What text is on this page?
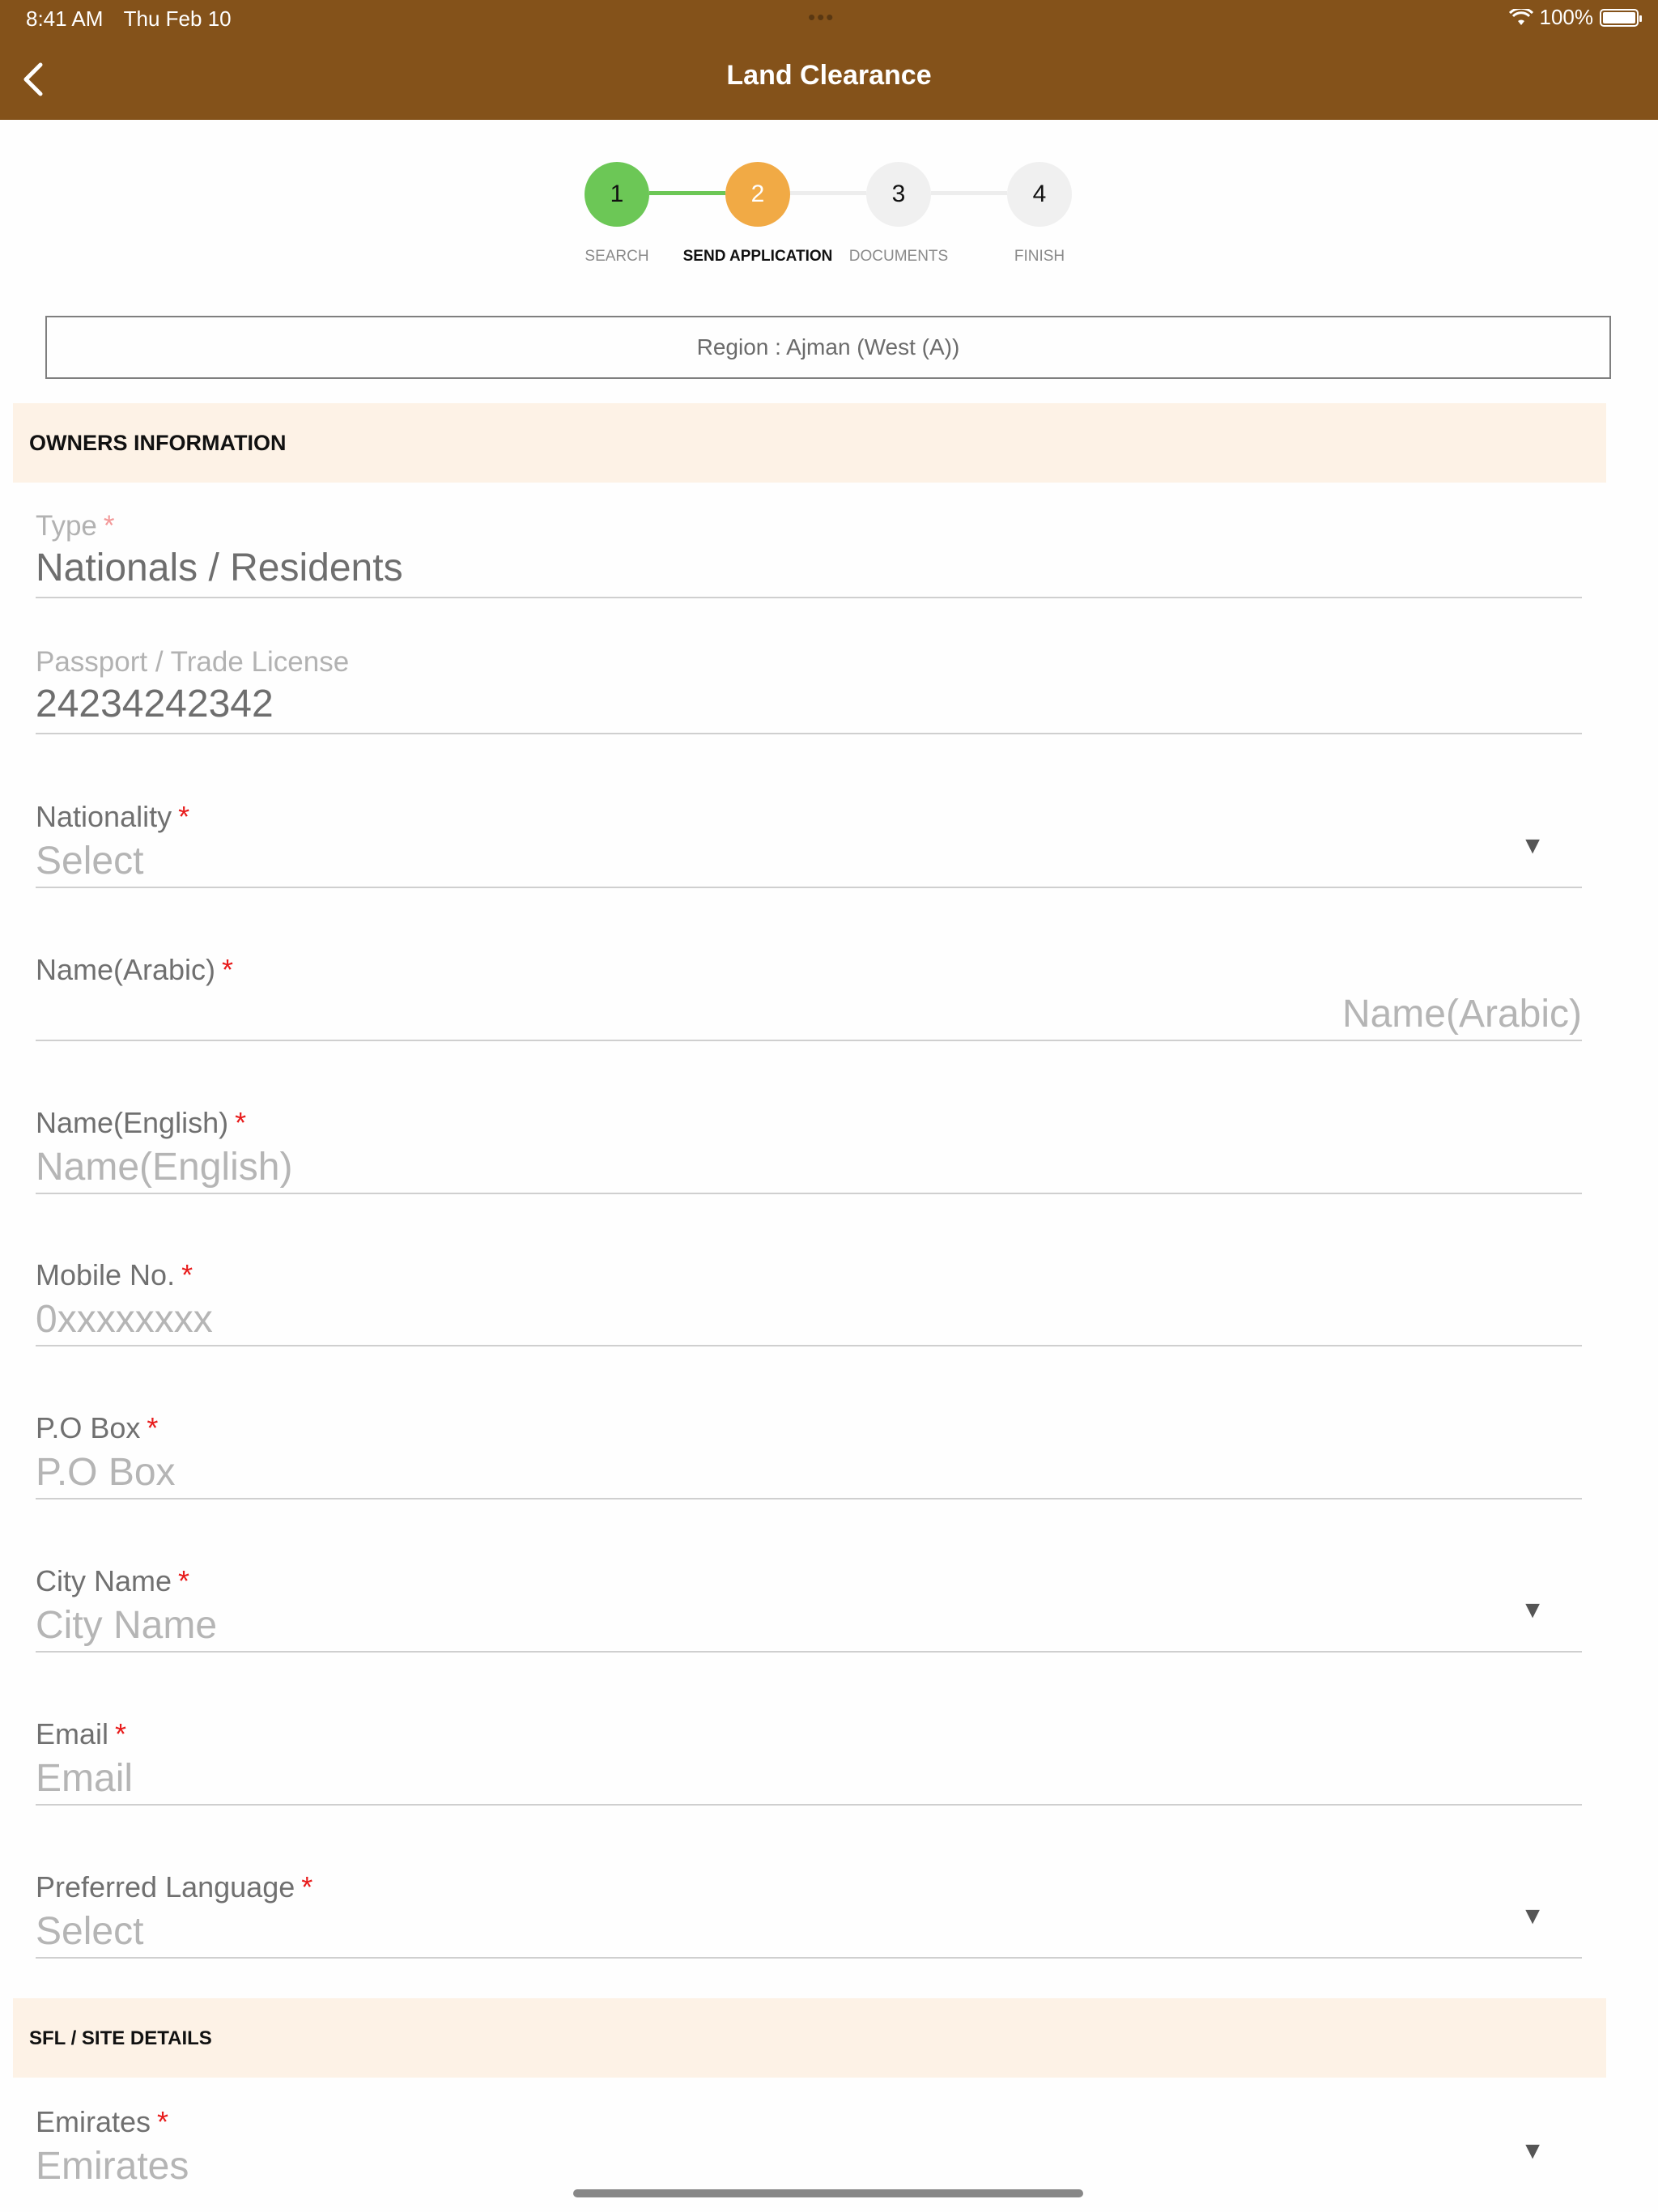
8:41 AM Thu Feb 10	•••	100%
Land Clearance
1	2	3	4
SEARCH	SEND APPLICATION	DOCUMENTS	FINISH
Region : Ajman (West (A))
OWNERS INFORMATION
Type *
Nationals / Residents
Passport / Trade License
24234242342
Nationality *
Select	▼
Name(Arabic) *
Name(Arabic)
Name(English) *
Name(English)
Mobile No. *
0xxxxxxxx
P.O Box *
P.O Box
City Name *
City Name	▼
Email *
Email
Preferred Language *
Select	▼
SFL / SITE DETAILS
Emirates *
Emirates	▼
